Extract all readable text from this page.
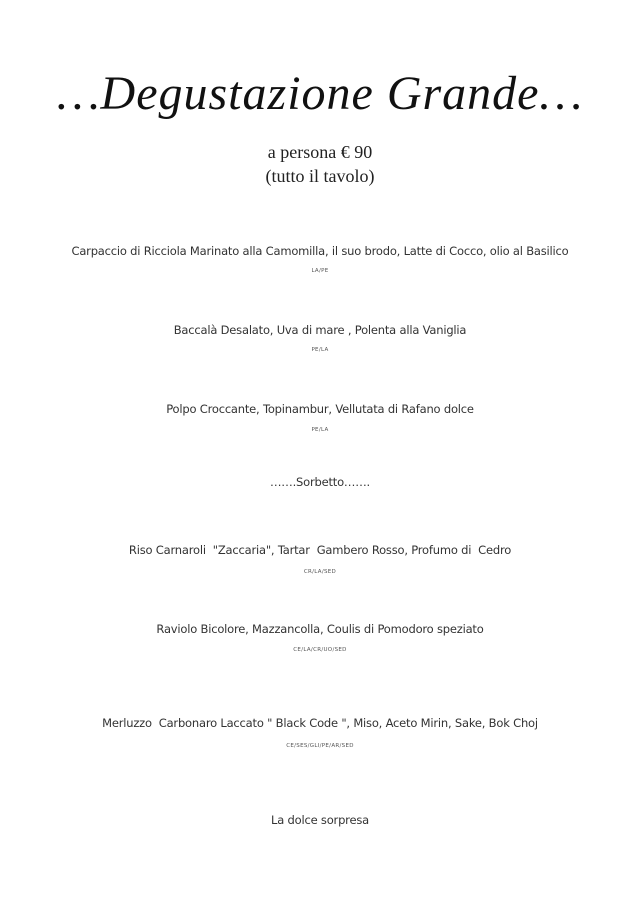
…Degustazione Grande…
a persona € 90
(tutto il tavolo)
Carpaccio di Ricciola Marinato alla Camomilla, il suo brodo, Latte di Cocco, olio al Basilico
LA/PE
Baccalà Desalato, Uva di mare , Polenta alla Vaniglia
PE/LA
Polpo Croccante, Topinambur, Vellutata di Rafano dolce
PE/LA
…….Sorbetto…….
Riso Carnaroli  "Zaccaria", Tartar  Gambero Rosso, Profumo di  Cedro
CR/LA/SED
Raviolo Bicolore, Mazzancolla, Coulis di Pomodoro speziato
CE/LA/CR/UO/SED
Merluzzo  Carbonaro Laccato " Black Code ", Miso, Aceto Mirin, Sake, Bok Choj
CE/SES/GLI/PE/AR/SED
La dolce sorpresa
